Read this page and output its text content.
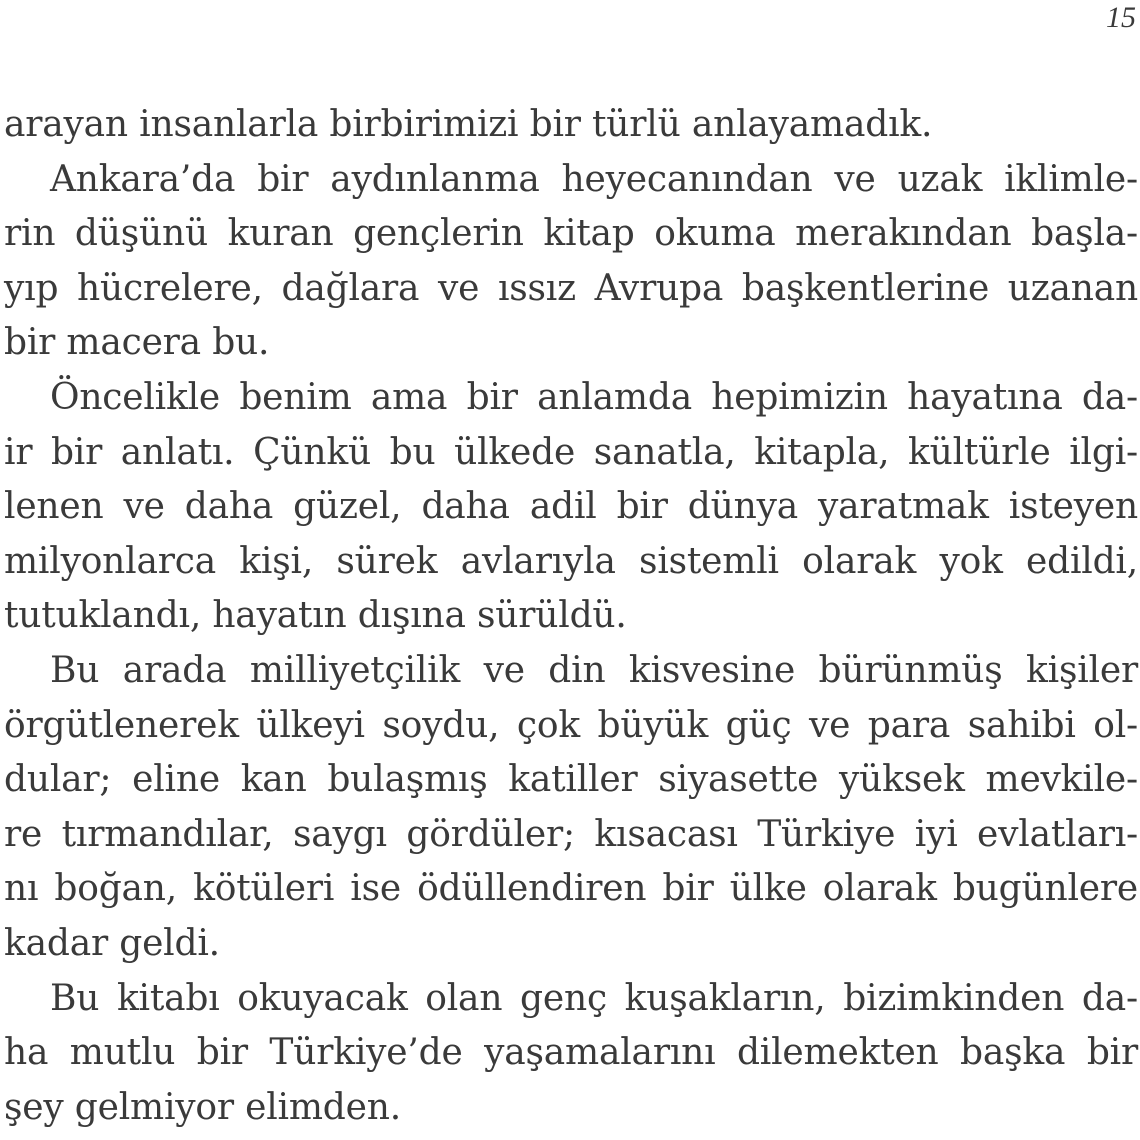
15
arayan insanlarla birbirimizi bir türlü anlayamadık.
Ankara’da bir aydınlanma heyecanından ve uzak iklimle-
rin düşünü kuran gençlerin kitap okuma merakından başla-
yıp hücrelere, dağlara ve ıssız Avrupa başkentlerine uzanan
bir macera bu.
Öncelikle benim ama bir anlamda hepimizin hayatına da-
ir bir anlatı. Çünkü bu ülkede sanatla, kitapla, kültürle ilgi-
lenen ve daha güzel, daha adil bir dünya yaratmak isteyen
milyonlarca kişi, sürek avlarıyla sistemli olarak yok edildi,
tutuklandı, hayatın dışına sürüldü.
Bu arada milliyetçilik ve din kisvesine bürünmüş kişiler
örgütlenerek ülkeyi soydu, çok büyük güç ve para sahibi ol-
dular; eline kan bulaşmış katiller siyasette yüksek mevkile-
re tırmandılar, saygı gördüler; kısacası Türkiye iyi evlatları-
nı boğan, kötüleri ise ödüllendiren bir ülke olarak bugünlere
kadar geldi.
Bu kitabı okuyacak olan genç kuşakların, bizimkinden da-
ha mutlu bir Türkiye’de yaşamalarını dilemekten başka bir
şey gelmiyor elimden.
